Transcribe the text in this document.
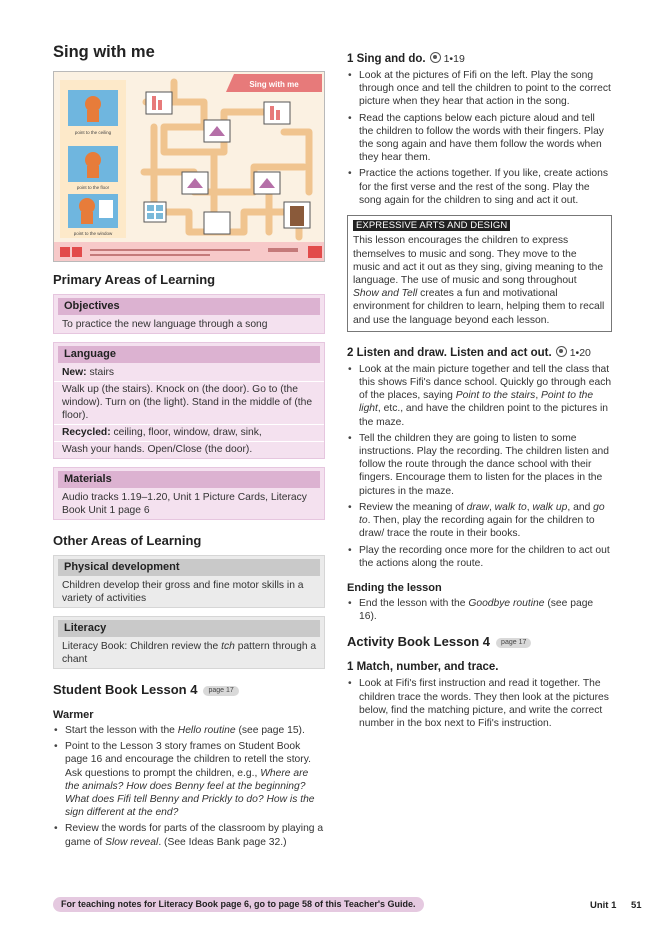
Sing with me
point to the ceiling
point to the floor
point to the window
Sing with me
Primary Areas of Learning
Objectives
To practice the new language through a song
Language
New: stairs
Walk up (the stairs). Knock on (the door). Go to (the window). Turn on (the light). Stand in the middle of (the floor).
Recycled: ceiling, floor, window, draw, sink,
Wash your hands. Open/Close (the door).
Materials
Audio tracks 1.19–1.20, Unit 1 Picture Cards, Literacy Book Unit 1 page 6
Other Areas of Learning
Physical development
Children develop their gross and fine motor skills in a variety of activities
Literacy
Literacy Book: Children review the tch pattern through a chant
Student Book Lesson 4 page 17
Warmer
• Start the lesson with the Hello routine (see page 15).
• Point to the Lesson 3 story frames on Student Book page 16 and encourage the children to retell the story. Ask questions to prompt the children, e.g., Where are the animals? How does Benny feel at the beginning? What does Fifi tell Benny and Prickly to do? How is the sign different at the end?
• Review the words for parts of the classroom by playing a game of Slow reveal. (See Ideas Bank page 32.)
1 Sing and do. 1•19
• Look at the pictures of Fifi on the left. Play the song through once and tell the children to point to the correct picture when they hear that action in the song.
• Read the captions below each picture aloud and tell the children to follow the words with their fingers. Play the song again and have them follow the words when they hear them.
• Practice the actions together. If you like, create actions for the first verse and the rest of the song. Play the song again for the children to sing and act it out.
EXPRESSIVE ARTS AND DESIGN

This lesson encourages the children to express themselves to music and song. They move to the music and act it out as they sing, giving meaning to the language. The use of music and song throughout Show and Tell creates a fun and motivational environment for children to learn, helping them to recall and use the language beyond each lesson.

2 Listen and draw. Listen and act out. 1•20
• Look at the main picture together and tell the class that this shows Fifi's dance school. Quickly go through each of the places, saying Point to the stairs, Point to the light, etc., and have the children point to the pictures in the maze.
• Tell the children they are going to listen to some instructions. Play the recording. The children listen and follow the route through the dance school with their fingers. Encourage them to listen for the places in the pictures in the maze.
• Review the meaning of draw, walk to, walk up, and go to. Then, play the recording again for the children to draw/ trace the route in their books.
• Play the recording once more for the children to act out the actions along the route.
Ending the lesson
• End the lesson with the Goodbye routine (see page 16).
Activity Book Lesson 4 page 17
1 Match, number, and trace.
• Look at Fifi's first instruction and read it together. The children trace the words. They then look at the pictures below, find the matching picture, and write the correct number in the box next to Fifi's instruction.
For teaching notes for Literacy Book page 6, go to page 58 of this Teacher's Guide.	Unit 1 51
